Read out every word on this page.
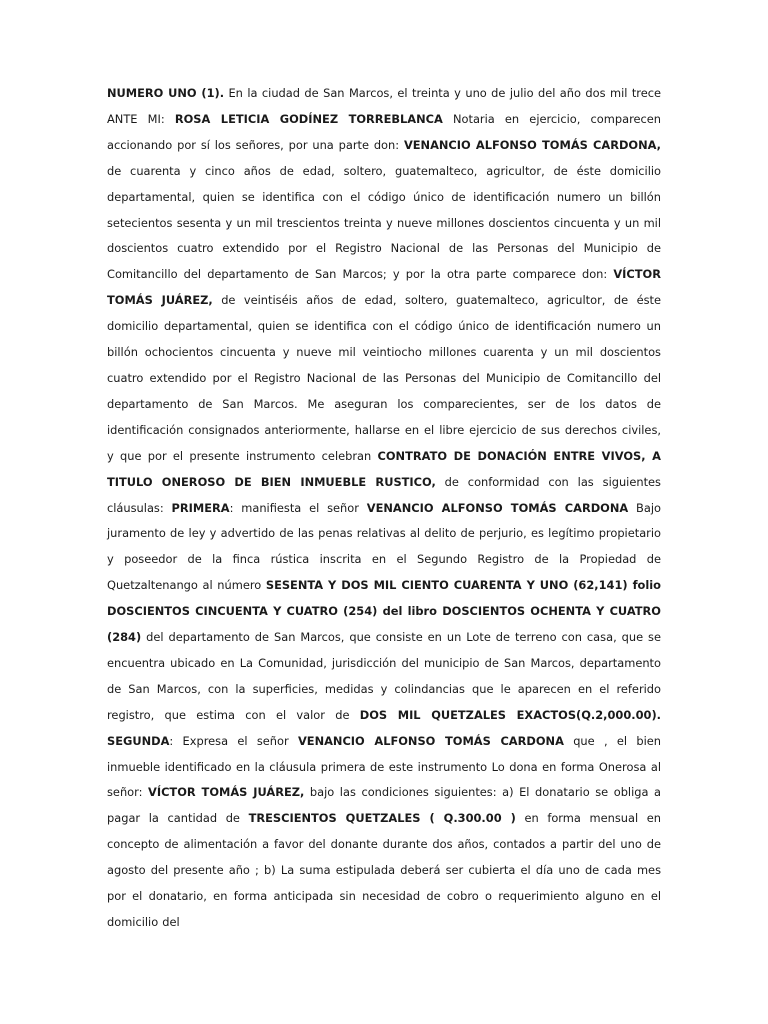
NUMERO UNO (1). En la ciudad de San Marcos, el treinta y uno de julio del año dos mil trece ANTE MI: ROSA LETICIA GODÍNEZ TORREBLANCA Notaria en ejercicio, comparecen accionando por sí los señores, por una parte don: VENANCIO ALFONSO TOMÁS CARDONA, de cuarenta y cinco años de edad, soltero, guatemalteco, agricultor, de éste domicilio departamental, quien se identifica con el código único de identificación numero un billón setecientos sesenta y un mil trescientos treinta y nueve millones doscientos cincuenta y un mil doscientos cuatro extendido por el Registro Nacional de las Personas del Municipio de Comitancillo del departamento de San Marcos; y por la otra parte comparece don: VÍCTOR TOMÁS JUÁREZ, de veintiséis años de edad, soltero, guatemalteco, agricultor, de éste domicilio departamental, quien se identifica con el código único de identificación numero un billón ochocientos cincuenta y nueve mil veintiocho millones cuarenta y un mil doscientos cuatro extendido por el Registro Nacional de las Personas del Municipio de Comitancillo del departamento de San Marcos. Me aseguran los comparecientes, ser de los datos de identificación consignados anteriormente, hallarse en el libre ejercicio de sus derechos civiles, y que por el presente instrumento celebran CONTRATO DE DONACIÓN ENTRE VIVOS, A TITULO ONEROSO DE BIEN INMUEBLE RUSTICO, de conformidad con las siguientes cláusulas: PRIMERA: manifiesta el señor VENANCIO ALFONSO TOMÁS CARDONA Bajo juramento de ley y advertido de las penas relativas al delito de perjurio, es legítimo propietario y poseedor de la finca rústica inscrita en el Segundo Registro de la Propiedad de Quetzaltenango al número SESENTA Y DOS MIL CIENTO CUARENTA Y UNO (62,141) folio DOSCIENTOS CINCUENTA Y CUATRO (254) del libro DOSCIENTOS OCHENTA Y CUATRO (284) del departamento de San Marcos, que consiste en un Lote de terreno con casa, que se encuentra ubicado en La Comunidad, jurisdicción del municipio de San Marcos, departamento de San Marcos, con la superficies, medidas y colindancias que le aparecen en el referido registro, que estima con el valor de DOS MIL QUETZALES EXACTOS(Q.2,000.00). SEGUNDA: Expresa el señor VENANCIO ALFONSO TOMÁS CARDONA que , el bien inmueble identificado en la cláusula primera de este instrumento Lo dona en forma Onerosa al señor: VÍCTOR TOMÁS JUÁREZ, bajo las condiciones siguientes: a) El donatario se obliga a pagar la cantidad de TRESCIENTOS QUETZALES ( Q.300.00 ) en forma mensual en concepto de alimentación a favor del donante durante dos años, contados a partir del uno de agosto del presente año ; b) La suma estipulada deberá ser cubierta el día uno de cada mes por el donatario, en forma anticipada sin necesidad de cobro o requerimiento alguno en el domicilio del
